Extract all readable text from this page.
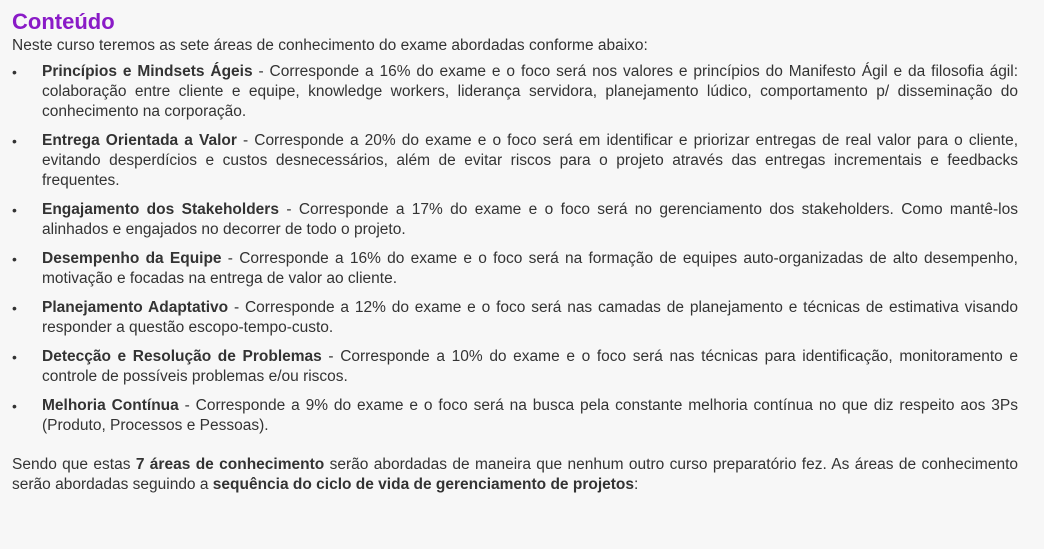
Conteúdo

Neste curso teremos as sete áreas de conhecimento do exame abordadas conforme abaixo:

• Princípios e Mindsets Ágeis - Corresponde a 16% do exame e o foco será nos valores e princípios do Manifesto Ágil e da filosofia ágil: colaboração entre cliente e equipe, knowledge workers, liderança servidora, planejamento lúdico, comportamento p/ disseminação do conhecimento na corporação.
• Entrega Orientada a Valor - Corresponde a 20% do exame e o foco será em identificar e priorizar entregas de real valor para o cliente, evitando desperdícios e custos desnecessários, além de evitar riscos para o projeto através das entregas incrementais e feedbacks frequentes.
• Engajamento dos Stakeholders - Corresponde a 17% do exame e o foco será no gerenciamento dos stakeholders. Como mantê-los alinhados e engajados no decorrer de todo o projeto.
• Desempenho da Equipe - Corresponde a 16% do exame e o foco será na formação de equipes auto-organizadas de alto desempenho, motivação e focadas na entrega de valor ao cliente.
• Planejamento Adaptativo - Corresponde a 12% do exame e o foco será nas camadas de planejamento e técnicas de estimativa visando responder a questão escopo-tempo-custo.
• Detecção e Resolução de Problemas - Corresponde a 10% do exame e o foco será nas técnicas para identificação, monitoramento e controle de possíveis problemas e/ou riscos.
• Melhoria Contínua - Corresponde a 9% do exame e o foco será na busca pela constante melhoria contínua no que diz respeito aos 3Ps (Produto, Processos e Pessoas).

Sendo que estas 7 áreas de conhecimento serão abordadas de maneira que nenhum outro curso preparatório fez. As áreas de conhecimento serão abordadas seguindo a sequência do ciclo de vida de gerenciamento de projetos:
